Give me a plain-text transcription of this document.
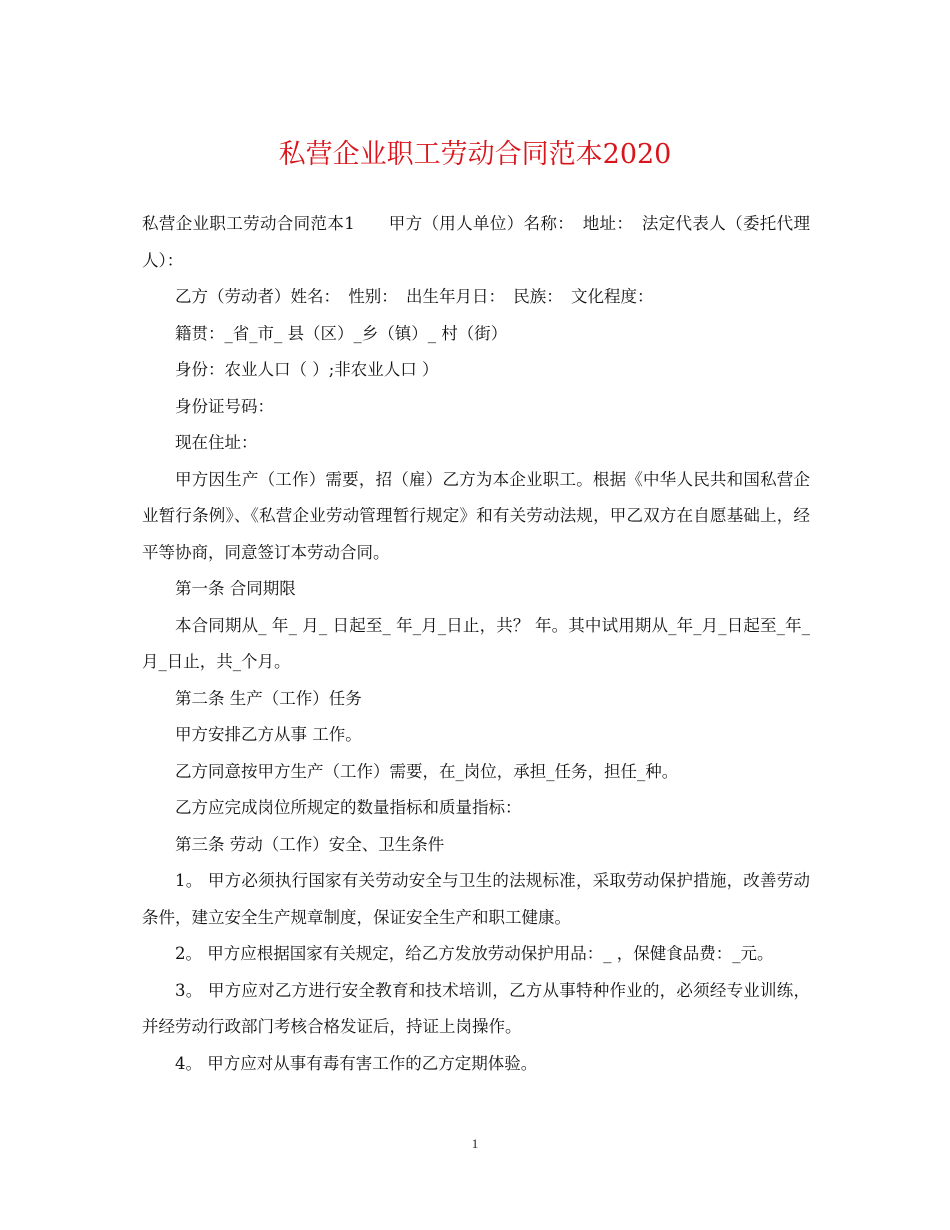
私营企业职工劳动合同范本2020

私营企业职工劳动合同范本1　　甲方（用人单位）名称：　地址：　法定代表人（委托代理人）：

乙方（劳动者）姓名：　性别：　出生年月日：　民族：　文化程度：

籍贯：_省_市_ 县（区）_乡（镇）_ 村（街）

身份：农业人口（ ）;非农业人口 ）

身份证号码：

现在住址：

甲方因生产（工作）需要，招（雇）乙方为本企业职工。根据《中华人民共和国私营企业暂行条例》、《私营企业劳动管理暂行规定》和有关劳动法规，甲乙双方在自愿基础上，经平等协商，同意签订本劳动合同。

第一条 合同期限

本合同期从_ 年_ 月_ 日起至_ 年_月_日止，共？ 年。其中试用期从_年_月_日起至_年_月_日止，共_个月。

第二条 生产（工作）任务

甲方安排乙方从事 工作。

乙方同意按甲方生产（工作）需要，在_岗位，承担_任务，担任_种。

乙方应完成岗位所规定的数量指标和质量指标：

第三条 劳动（工作）安全、卫生条件

1。 甲方必须执行国家有关劳动安全与卫生的法规标准，采取劳动保护措施，改善劳动条件，建立安全生产规章制度，保证安全生产和职工健康。

2。 甲方应根据国家有关规定，给乙方发放劳动保护用品：_ ，保健食品费：_元。

3。 甲方应对乙方进行安全教育和技术培训，乙方从事特种作业的，必须经专业训练，并经劳动行政部门考核合格发证后，持证上岗操作。

4。 甲方应对从事有毒有害工作的乙方定期体验。

1
